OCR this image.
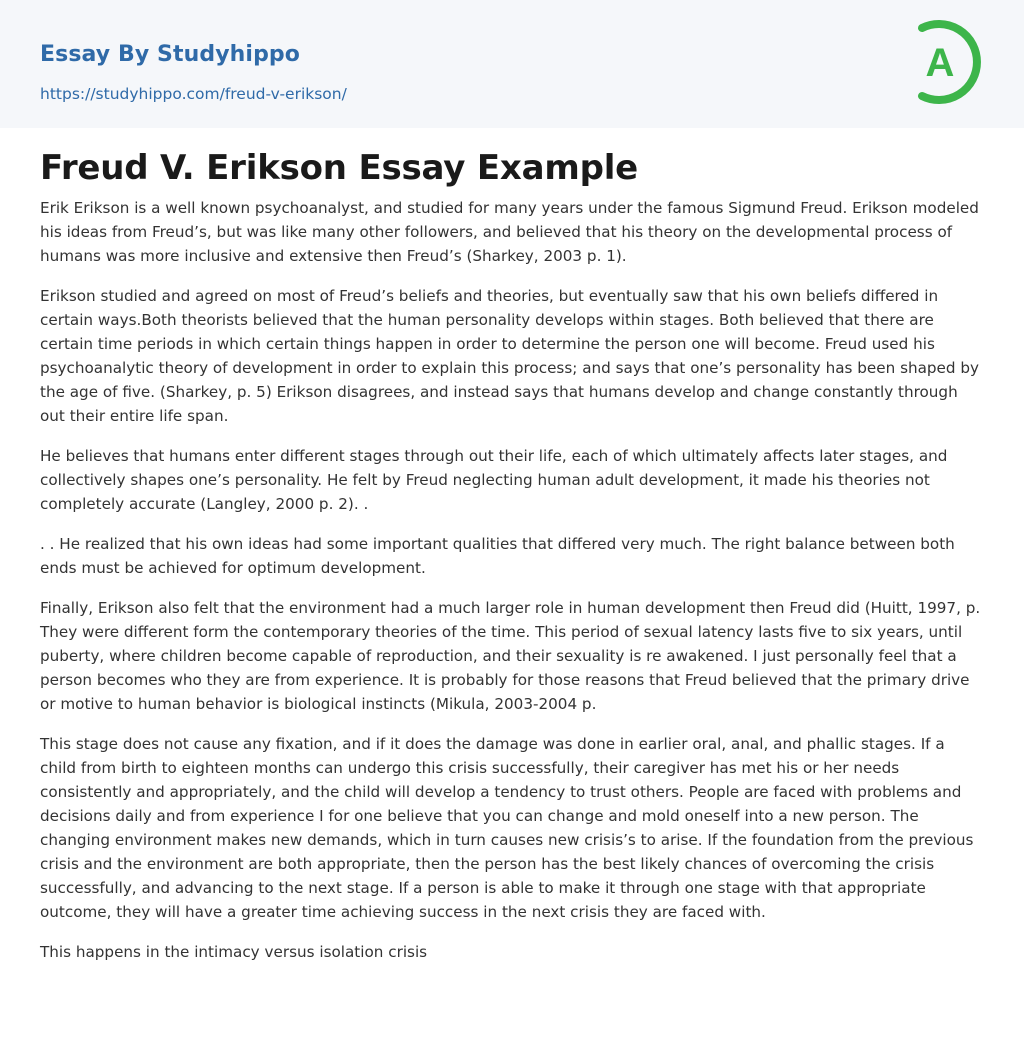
Essay By Studyhippo
https://studyhippo.com/freud-v-erikson/
A
Freud V. Erikson Essay Example

Erik Erikson is a well known psychoanalyst, and studied for many years under the famous Sigmund Freud. Erikson modeled his ideas from Freud’s, but was like many other followers, and believed that his theory on the developmental process of humans was more inclusive and extensive then Freud’s (Sharkey, 2003 p. 1).

Erikson studied and agreed on most of Freud’s beliefs and theories, but eventually saw that his own beliefs differed in certain ways.Both theorists believed that the human personality develops within stages. Both believed that there are certain time periods in which certain things happen in order to determine the person one will become. Freud used his psychoanalytic theory of development in order to explain this process; and says that one’s personality has been shaped by the age of five. (Sharkey, p. 5) Erikson disagrees, and instead says that humans develop and change constantly through out their entire life span.

He believes that humans enter different stages through out their life, each of which ultimately affects later stages, and collectively shapes one’s personality. He felt by Freud neglecting human adult development, it made his theories not completely accurate (Langley, 2000 p. 2). .

. . He realized that his own ideas had some important qualities that differed very much. The right balance between both ends must be achieved for optimum development.

Finally, Erikson also felt that the environment had a much larger role in human development then Freud did (Huitt, 1997, p. They were different form the contemporary theories of the time. This period of sexual latency lasts five to six years, until puberty, where children become capable of reproduction, and their sexuality is re awakened. I just personally feel that a person becomes who they are from experience. It is probably for those reasons that Freud believed that the primary drive or motive to human behavior is biological instincts (Mikula, 2003-2004 p.

This stage does not cause any fixation, and if it does the damage was done in earlier oral, anal, and phallic stages. If a child from birth to eighteen months can undergo this crisis successfully, their caregiver has met his or her needs consistently and appropriately, and the child will develop a tendency to trust others. People are faced with problems and decisions daily and from experience I for one believe that you can change and mold oneself into a new person. The changing environment makes new demands, which in turn causes new crisis’s to arise. If the foundation from the previous crisis and the environment are both appropriate, then the person has the best likely chances of overcoming the crisis successfully, and advancing to the next stage. If a person is able to make it through one stage with that appropriate outcome, they will have a greater time achieving success in the next crisis they are faced with.

This happens in the intimacy versus isolation crisis
